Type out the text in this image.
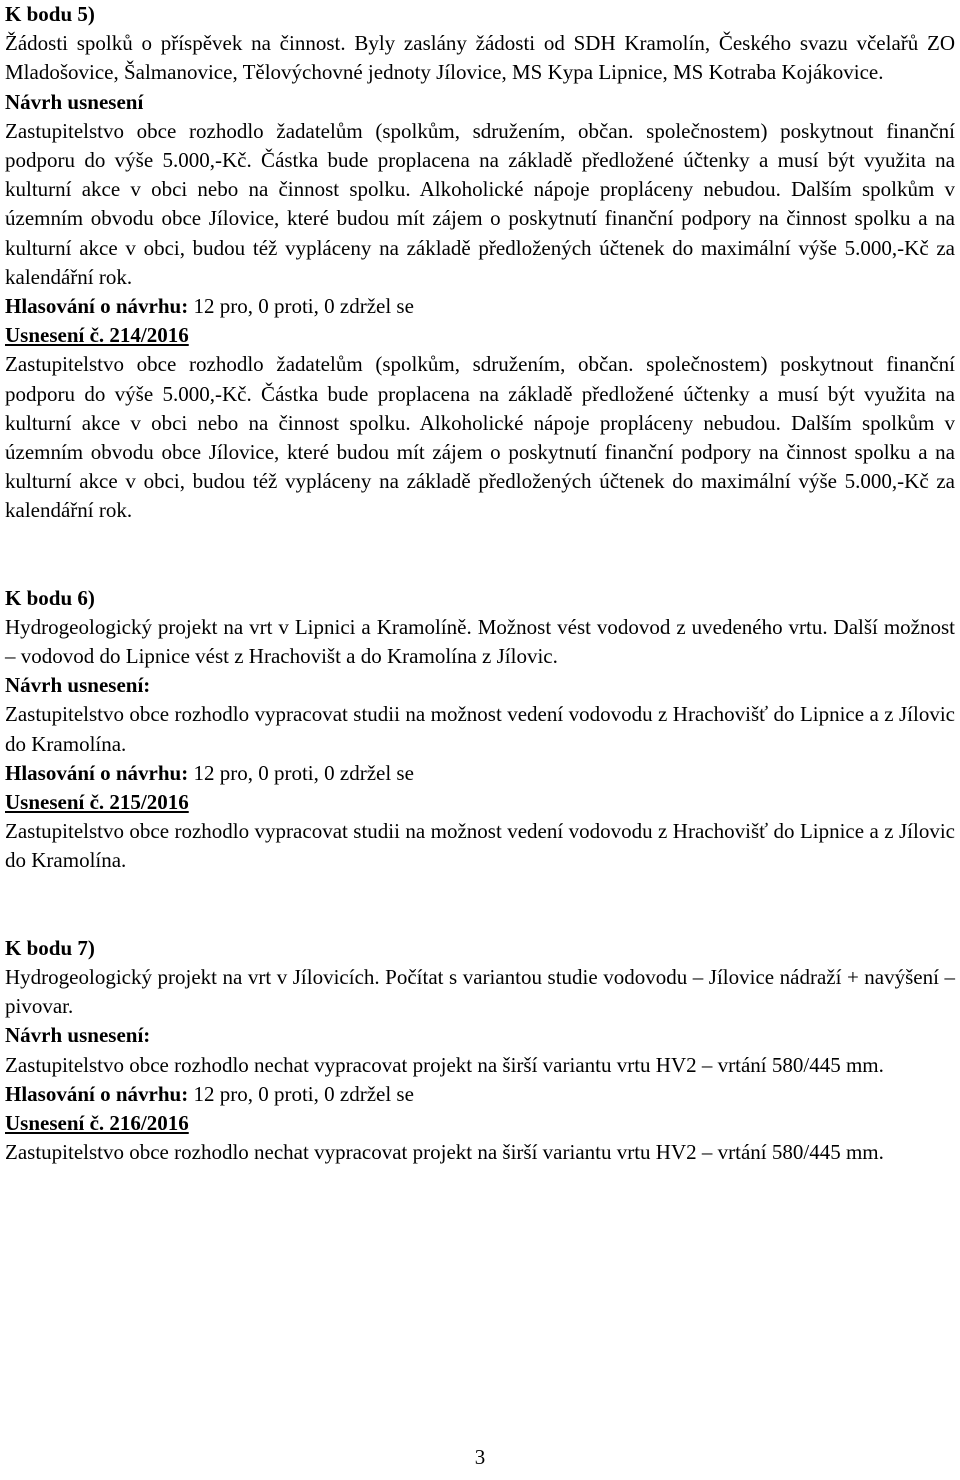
K bodu 5)

Žádosti spolků o příspěvek na činnost. Byly zaslány žádosti od SDH Kramolín, Českého svazu včelařů ZO Mladošovice, Šalmanovice, Tělovýchovné jednoty Jílovice, MS Kypa Lipnice, MS Kotraba Kojákovice.

Návrh usnesení

Zastupitelstvo obce rozhodlo žadatelům (spolkům, sdružením, občan. společnostem) poskytnout finanční podporu do výše 5.000,-Kč. Částka bude proplacena na základě předložené účtenky a musí být využita na kulturní akce v obci nebo na činnost spolku. Alkoholické nápoje propláceny nebudou. Dalším spolkům v územním obvodu obce Jílovice, které budou mít zájem o poskytnutí finanční podpory na činnost spolku a na kulturní akce v obci, budou též vypláceny na základě předložených účtenek do maximální výše 5.000,-Kč za kalendářní rok.

Hlasování o návrhu: 12 pro, 0 proti, 0 zdržel se

Usnesení č. 214/2016

Zastupitelstvo obce rozhodlo žadatelům (spolkům, sdružením, občan. společnostem) poskytnout finanční podporu do výše 5.000,-Kč. Částka bude proplacena na základě předložené účtenky a musí být využita na kulturní akce v obci nebo na činnost spolku. Alkoholické nápoje propláceny nebudou. Dalším spolkům v územním obvodu obce Jílovice, které budou mít zájem o poskytnutí finanční podpory na činnost spolku a na kulturní akce v obci, budou též vypláceny na základě předložených účtenek do maximální výše 5.000,-Kč za kalendářní rok.

K bodu 6)

Hydrogeologický projekt na vrt v Lipnici a Kramolíně. Možnost vést vodovod z uvedeného vrtu. Další možnost – vodovod do Lipnice vést z Hrachovišt a do Kramolína z Jílovic.

Návrh usnesení:

Zastupitelstvo obce rozhodlo vypracovat studii na možnost vedení vodovodu z Hrachovišť do Lipnice a z Jílovic do Kramolína.

Hlasování o návrhu: 12 pro, 0 proti, 0 zdržel se

Usnesení č. 215/2016

Zastupitelstvo obce rozhodlo vypracovat studii na možnost vedení vodovodu z Hrachovišť do Lipnice a z Jílovic do Kramolína.

K bodu 7)

Hydrogeologický projekt na vrt v Jílovicích. Počítat s variantou studie vodovodu – Jílovice nádraží + navýšení – pivovar.

Návrh usnesení:

Zastupitelstvo obce rozhodlo nechat vypracovat projekt na širší variantu vrtu HV2 – vrtání 580/445 mm.

Hlasování o návrhu: 12 pro, 0 proti, 0 zdržel se

Usnesení č. 216/2016

Zastupitelstvo obce rozhodlo nechat vypracovat projekt na širší variantu vrtu HV2 – vrtání 580/445 mm.

3
